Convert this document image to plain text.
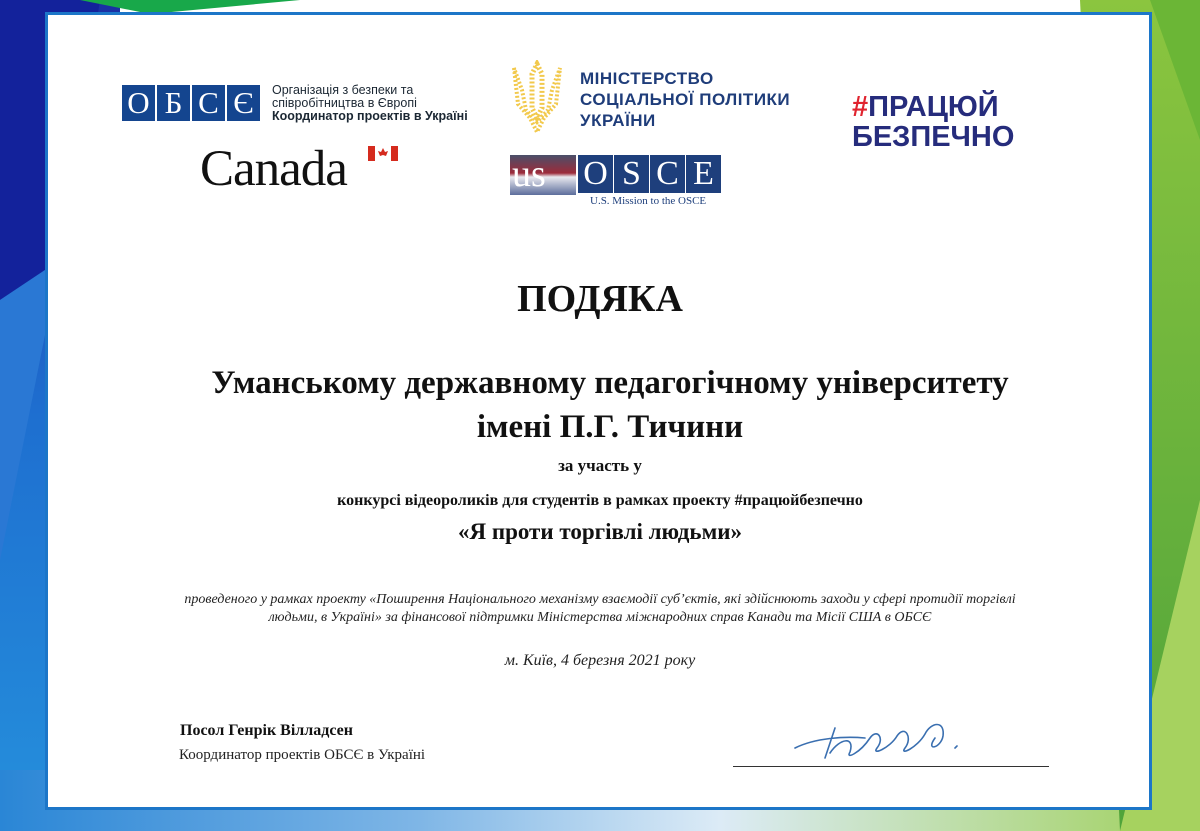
О Б С Є	Організація з безпеки та
співробітництва в Європі
Координатор проектів в Україні
Canada
МІНІСТЕРСТВО
СОЦІАЛЬНОЇ ПОЛІТИКИ
УКРАЇНИ	#ПРАЦЮЙ
БЕЗПЕЧНО
us O S C E
U.S. Mission to the OSCE
ПОДЯКА
Уманському державному педагогічному університету
імені П.Г. Тичини
за участь у
конкурсі відеороликів для студентів в рамках проекту #працюйбезпечно
«Я проти торгівлі людьми»
проведеного у рамках проекту «Поширення Національного механізму взаємодії суб’єктів, які здійснюють заходи у сфері протидії торгівлі
людьми, в Україні» за фінансової підтримки Міністерства міжнародних справ Канади та Місії США в ОБСЄ
м. Київ, 4 березня 2021 року
Посол Генрік Вілладсен
Координатор проектів ОБСЄ в Україні
